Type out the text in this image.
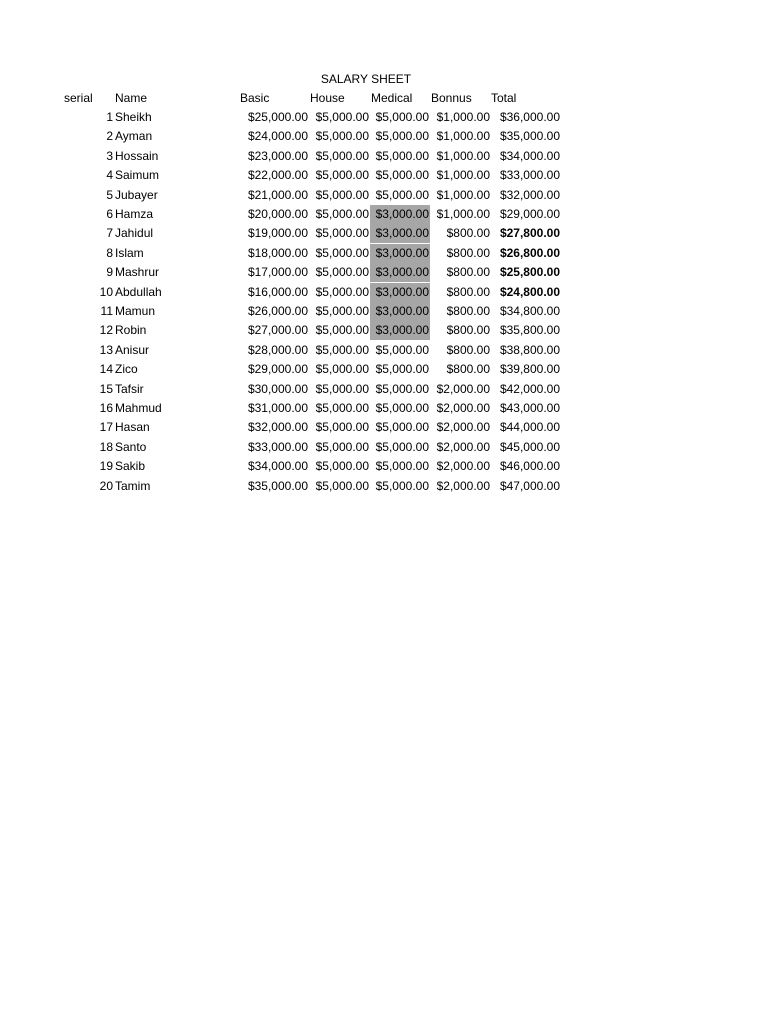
SALARY SHEET
serial	Name	Basic	House	Medical	Bonnus	Total
1 Sheikh	$25,000.00 $5,000.00 $5,000.00 $1,000.00 $36,000.00
2 Ayman	$24,000.00 $5,000.00 $5,000.00 $1,000.00 $35,000.00
3 Hossain	$23,000.00 $5,000.00 $5,000.00 $1,000.00 $34,000.00
4 Saimum	$22,000.00 $5,000.00 $5,000.00 $1,000.00 $33,000.00
5 Jubayer	$21,000.00 $5,000.00 $5,000.00 $1,000.00 $32,000.00
6 Hamza	$20,000.00 $5,000.00 $3,000.00 $1,000.00 $29,000.00
7 Jahidul	$19,000.00 $5,000.00 $3,000.00	$800.00 $27,800.00
8 Islam	$18,000.00 $5,000.00 $3,000.00	$800.00 $26,800.00
9 Mashrur	$17,000.00 $5,000.00 $3,000.00	$800.00 $25,800.00
10 Abdullah	$16,000.00 $5,000.00 $3,000.00	$800.00 $24,800.00
11 Mamun	$26,000.00 $5,000.00 $3,000.00	$800.00 $34,800.00
12 Robin	$27,000.00 $5,000.00 $3,000.00	$800.00 $35,800.00
13 Anisur	$28,000.00 $5,000.00 $5,000.00	$800.00 $38,800.00
14 Zico	$29,000.00 $5,000.00 $5,000.00	$800.00 $39,800.00
15 Tafsir	$30,000.00 $5,000.00 $5,000.00 $2,000.00 $42,000.00
16 Mahmud	$31,000.00 $5,000.00 $5,000.00 $2,000.00 $43,000.00
17 Hasan	$32,000.00 $5,000.00 $5,000.00 $2,000.00 $44,000.00
18 Santo	$33,000.00 $5,000.00 $5,000.00 $2,000.00 $45,000.00
19 Sakib	$34,000.00 $5,000.00 $5,000.00 $2,000.00 $46,000.00
20 Tamim	$35,000.00 $5,000.00 $5,000.00 $2,000.00 $47,000.00
